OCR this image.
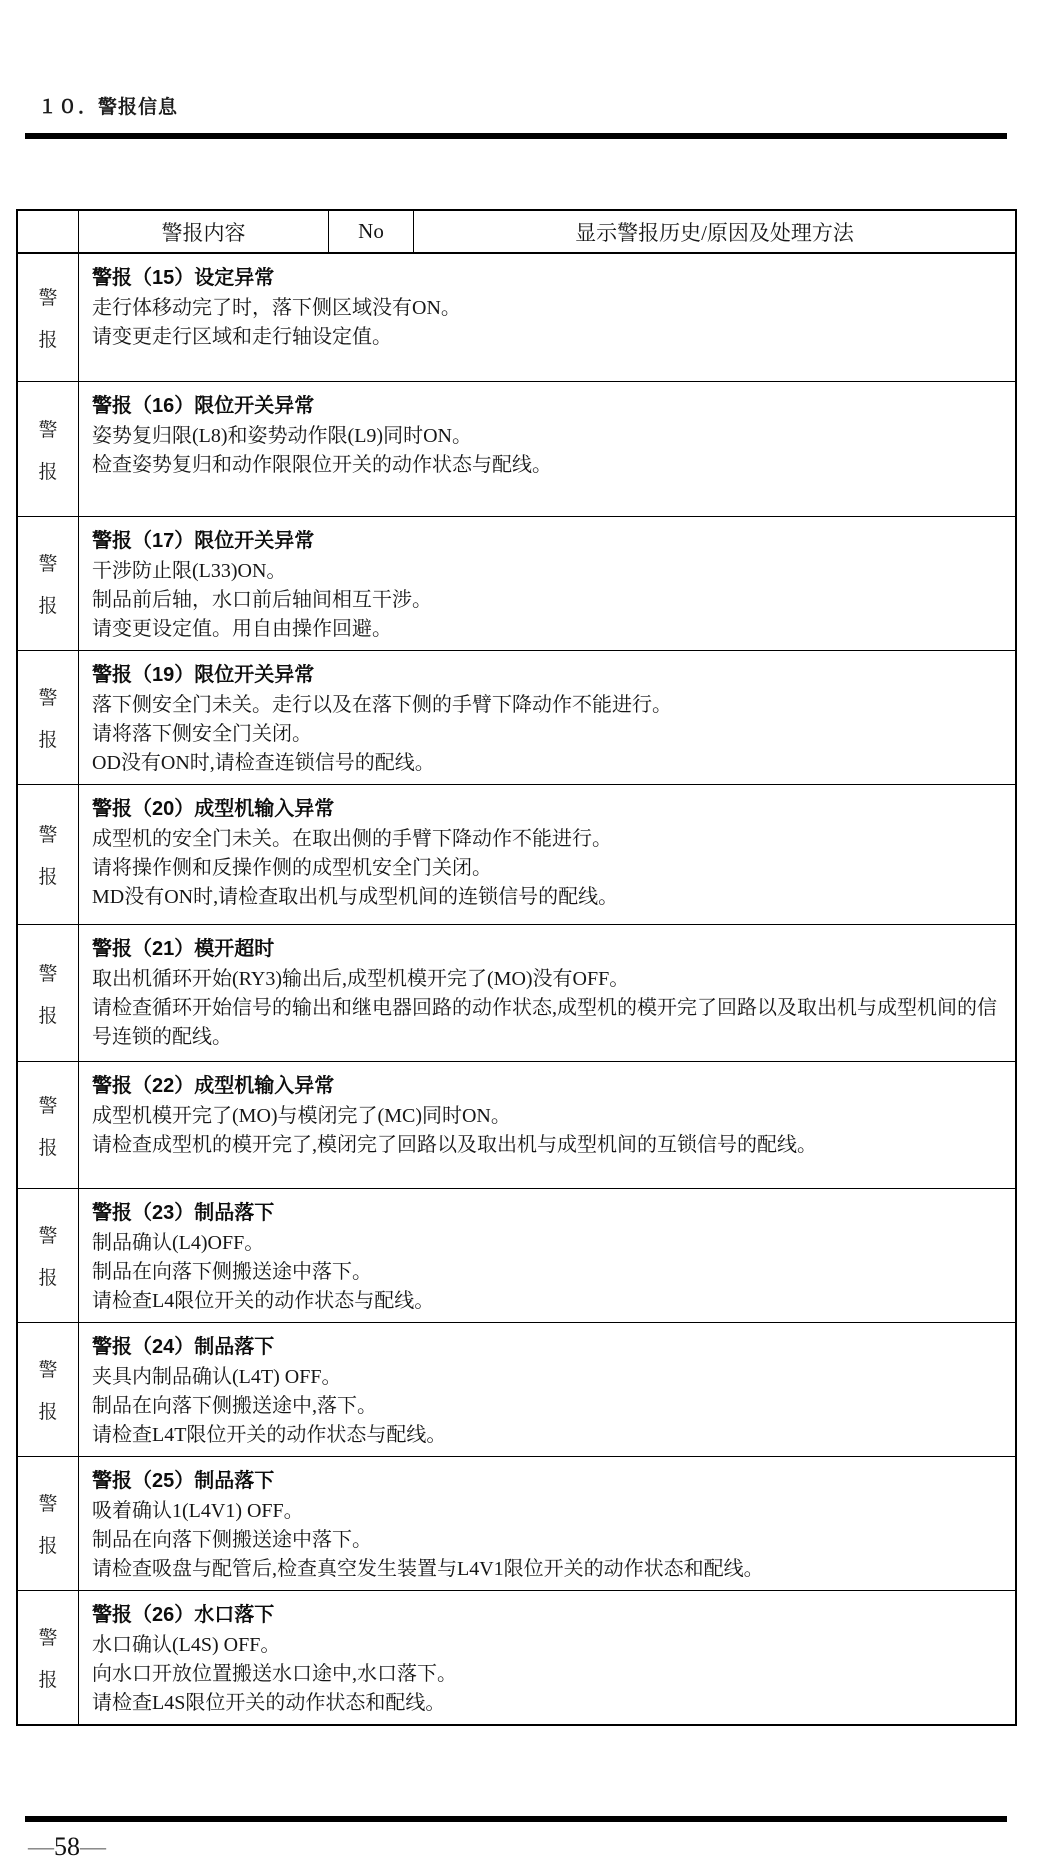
１０．警报信息
警报内容	No	显示警报历史/原因及处理方法
警
报
警报（15）设定异常
走行体移动完了时，落下侧区域没有ON。
请变更走行区域和走行轴设定值。
警
报
警报（16）限位开关异常
姿势复归限(L8)和姿势动作限(L9)同时ON。
检查姿势复归和动作限限位开关的动作状态与配线。
警
报
警报（17）限位开关异常
干涉防止限(L33)ON。
制品前后轴，水口前后轴间相互干涉。
请变更设定值。用自由操作回避。
警
报
警报（19）限位开关异常
落下侧安全门未关。走行以及在落下侧的手臂下降动作不能进行。
请将落下侧安全门关闭。
OD没有ON时,请检查连锁信号的配线。
警
报
警报（20）成型机输入异常
成型机的安全门未关。在取出侧的手臂下降动作不能进行。
请将操作侧和反操作侧的成型机安全门关闭。
MD没有ON时,请检查取出机与成型机间的连锁信号的配线。
警
报
警报（21）模开超时
取出机循环开始(RY3)输出后,成型机模开完了(MO)没有OFF。
请检查循环开始信号的输出和继电器回路的动作状态,成型机的模开完了回路以及取出机与成型机间的信号连锁的配线。
警
报
警报（22）成型机输入异常
成型机模开完了(MO)与模闭完了(MC)同时ON。
请检查成型机的模开完了,模闭完了回路以及取出机与成型机间的互锁信号的配线。
警
报
警报（23）制品落下
制品确认(L4)OFF。
制品在向落下侧搬送途中落下。
请检查L4限位开关的动作状态与配线。
警
报
警报（24）制品落下
夹具内制品确认(L4T) OFF。
制品在向落下侧搬送途中,落下。
请检查L4T限位开关的动作状态与配线。
警
报
警报（25）制品落下
吸着确认1(L4V1) OFF。
制品在向落下侧搬送途中落下。
请检查吸盘与配管后,检查真空发生装置与L4V1限位开关的动作状态和配线。
警
报
警报（26）水口落下
水口确认(L4S) OFF。
向水口开放位置搬送水口途中,水口落下。
请检查L4S限位开关的动作状态和配线。
—58—
